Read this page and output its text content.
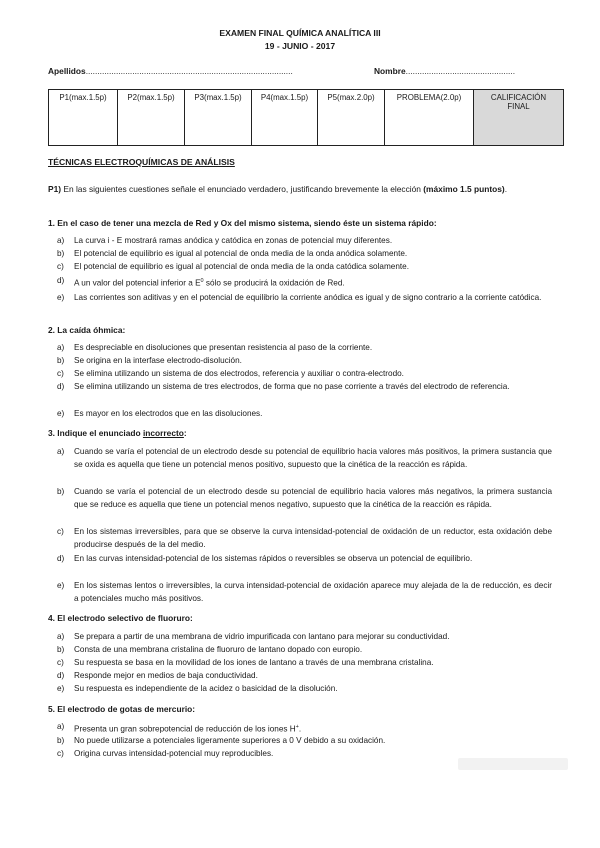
EXAMEN FINAL QUÍMICA ANALÍTICA III
19 - JUNIO - 2017
Apellidos.........................................................................................	Nombre...............................................
P1(max.1.5p)	P2(max.1.5p)	P3(max.1.5p)	P4(max.1.5p)	P5(max.2.0p)	PROBLEMA(2.0p)	CALIFICACIÓN FINAL
TÉCNICAS ELECTROQUÍMICAS DE ANÁLISIS
P1) En las siguientes cuestiones señale el enunciado verdadero, justificando brevemente la elección (máximo 1.5 puntos).
1. En el caso de tener una mezcla de Red y Ox del mismo sistema, siendo éste un sistema rápido:
a)	La curva i - E mostrará ramas anódica y catódica en zonas de potencial muy diferentes.
b)	El potencial de equilibrio es igual al potencial de onda media de la onda anódica solamente.
c)	El potencial de equilibrio es igual al potencial de onda media de la onda catódica solamente.
d)	A un valor del potencial inferior a $E^0$ sólo se producirá la oxidación de Red.
e)	Las corrientes son aditivas y en el potencial de equilibrio la corriente anódica es igual y de signo contrario a la corriente catódica.
2. La caída óhmica:
a)	Es despreciable en disoluciones que presentan resistencia al paso de la corriente.
b)	Se origina en la interfase electrodo-disolución.
c)	Se elimina utilizando un sistema de dos electrodos, referencia y auxiliar o contra-electrodo.
d)	Se elimina utilizando un sistema de tres electrodos, de forma que no pase corriente a través del electrodo de referencia.
e)	Es mayor en los electrodos que en las disoluciones.
3. Indique el enunciado incorrecto:
a)	Cuando se varía el potencial de un electrodo desde su potencial de equilibrio hacia valores más positivos, la primera sustancia que se oxida es aquella que tiene un potencial menos positivo, supuesto que la cinética de la reacción es rápida.
b)	Cuando se varía el potencial de un electrodo desde su potencial de equilibrio hacia valores más negativos, la primera sustancia que se reduce es aquella que tiene un potencial menos negativo, supuesto que la cinética de la reacción es rápida.
c)	En los sistemas irreversibles, para que se observe la curva intensidad-potencial de oxidación de un reductor, esta oxidación debe producirse después de la del medio.
d)	En las curvas intensidad-potencial de los sistemas rápidos o reversibles se observa un potencial de equilibrio.
e)	En los sistemas lentos o irreversibles, la curva intensidad-potencial de oxidación aparece muy alejada de la de reducción, es decir a potenciales mucho más positivos.
4. El electrodo selectivo de fluoruro:
a)	Se prepara a partir de una membrana de vidrio impurificada con lantano para mejorar su conductividad.
b)	Consta de una membrana cristalina de fluoruro de lantano dopado con europio.
c)	Su respuesta se basa en la movilidad de los iones de lantano a través de una membrana cristalina.
d)	Responde mejor en medios de baja conductividad.
e)	Su respuesta es independiente de la acidez o basicidad de la disolución.
5. El electrodo de gotas de mercurio:
a)	Presenta un gran sobrepotencial de reducción de los iones H+.
b)	No puede utilizarse a potenciales ligeramente superiores a 0 V debido a su oxidación.
c)	Origina curvas intensidad-potencial muy reproducibles.
